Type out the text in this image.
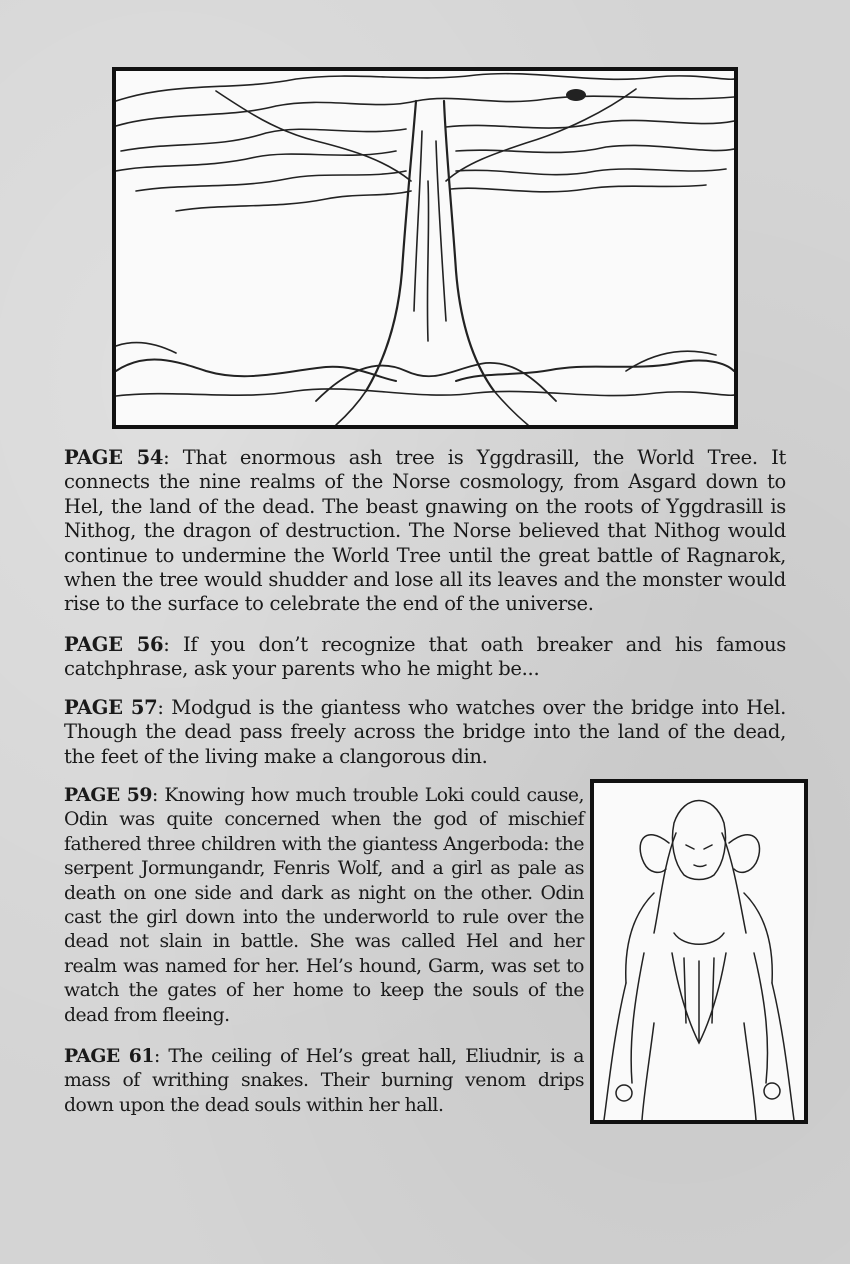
PAGE 54: That enormous ash tree is Yggdrasill, the World Tree. It connects the nine realms of the Norse cosmology, from Asgard down to Hel, the land of the dead. The beast gnawing on the roots of Yggdrasill is Nithog, the dragon of destruction. The Norse believed that Nithog would continue to undermine the World Tree until the great battle of Ragnarok, when the tree would shudder and lose all its leaves and the monster would rise to the surface to celebrate the end of the universe.

PAGE 56: If you don’t recognize that oath breaker and his famous catchphrase, ask your parents who he might be...

PAGE 57: Modgud is the giantess who watches over the bridge into Hel. Though the dead pass freely across the bridge into the land of the dead, the feet of the living make a clangorous din.

PAGE 59: Knowing how much trouble Loki could cause, Odin was quite concerned when the god of mischief fathered three children with the giantess Angerboda: the serpent Jormungandr, Fenris Wolf, and a girl as pale as death on one side and dark as night on the other. Odin cast the girl down into the underworld to rule over the dead not slain in battle. She was called Hel and her realm was named for her. Hel’s hound, Garm, was set to watch the gates of her home to keep the souls of the dead from fleeing.

PAGE 61: The ceiling of Hel’s great hall, Eliudnir, is a mass of writhing snakes. Their burning venom drips down upon the dead souls within her hall.
